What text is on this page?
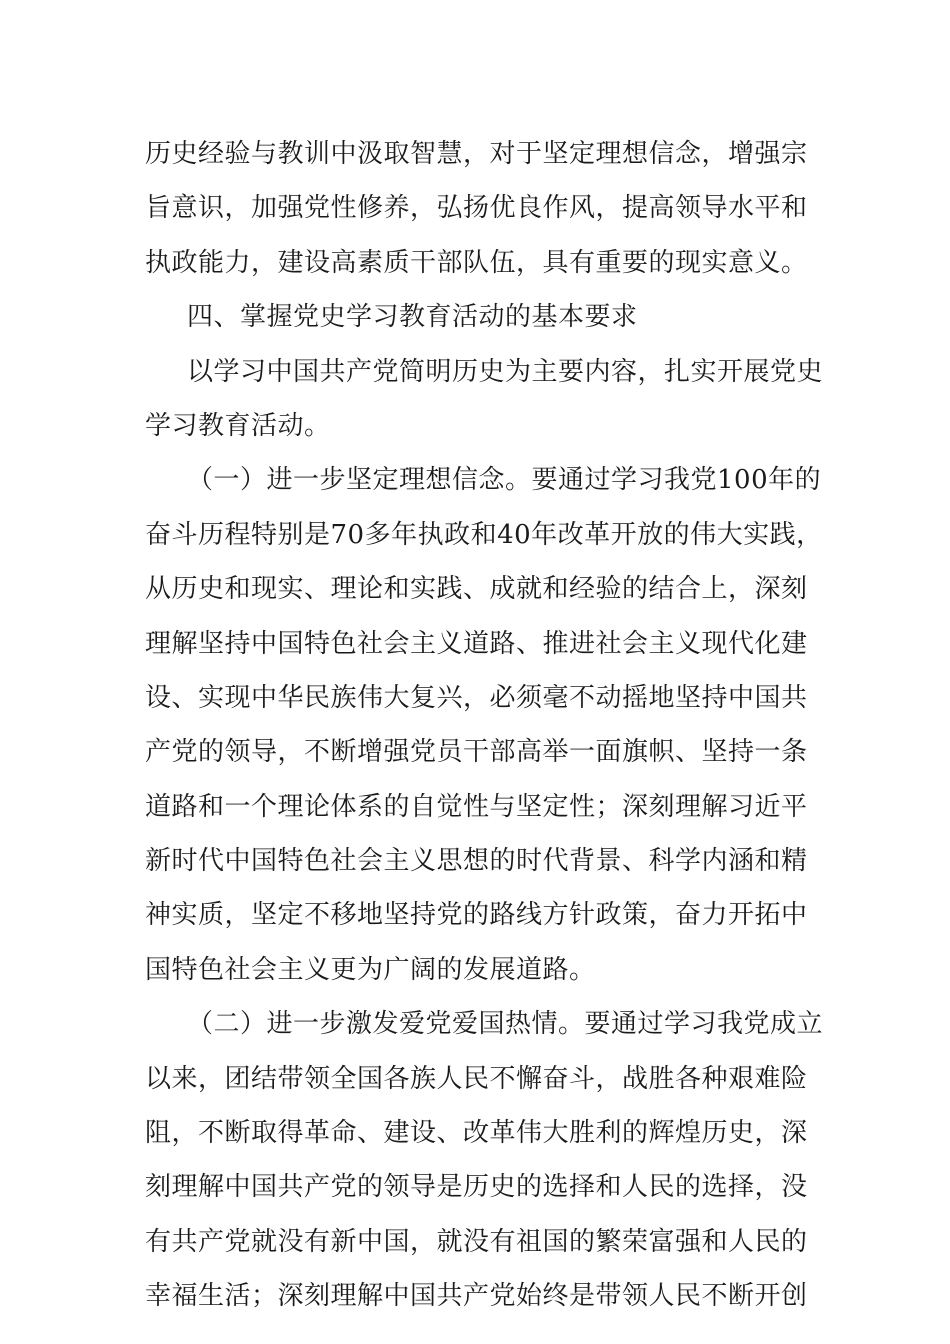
历史经验与教训中汲取智慧，对于坚定理想信念，增强宗
旨意识，加强党性修养，弘扬优良作风，提高领导水平和
执政能力，建设高素质干部队伍，具有重要的现实意义。
四、掌握党史学习教育活动的基本要求
以学习中国共产党简明历史为主要内容，扎实开展党史
学习教育活动。
（一）进一步坚定理想信念。要通过学习我党100年的
奋斗历程特别是70多年执政和40年改革开放的伟大实践，
从历史和现实、理论和实践、成就和经验的结合上，深刻
理解坚持中国特色社会主义道路、推进社会主义现代化建
设、实现中华民族伟大复兴，必须毫不动摇地坚持中国共
产党的领导，不断增强党员干部高举一面旗帜、坚持一条
道路和一个理论体系的自觉性与坚定性；深刻理解习近平
新时代中国特色社会主义思想的时代背景、科学内涵和精
神实质，坚定不移地坚持党的路线方针政策，奋力开拓中
国特色社会主义更为广阔的发展道路。
（二）进一步激发爱党爱国热情。要通过学习我党成立
以来，团结带领全国各族人民不懈奋斗，战胜各种艰难险
阻，不断取得革命、建设、改革伟大胜利的辉煌历史，深
刻理解中国共产党的领导是历史的选择和人民的选择，没
有共产党就没有新中国，就没有祖国的繁荣富强和人民的
幸福生活；深刻理解中国共产党始终是带领人民不断开创
